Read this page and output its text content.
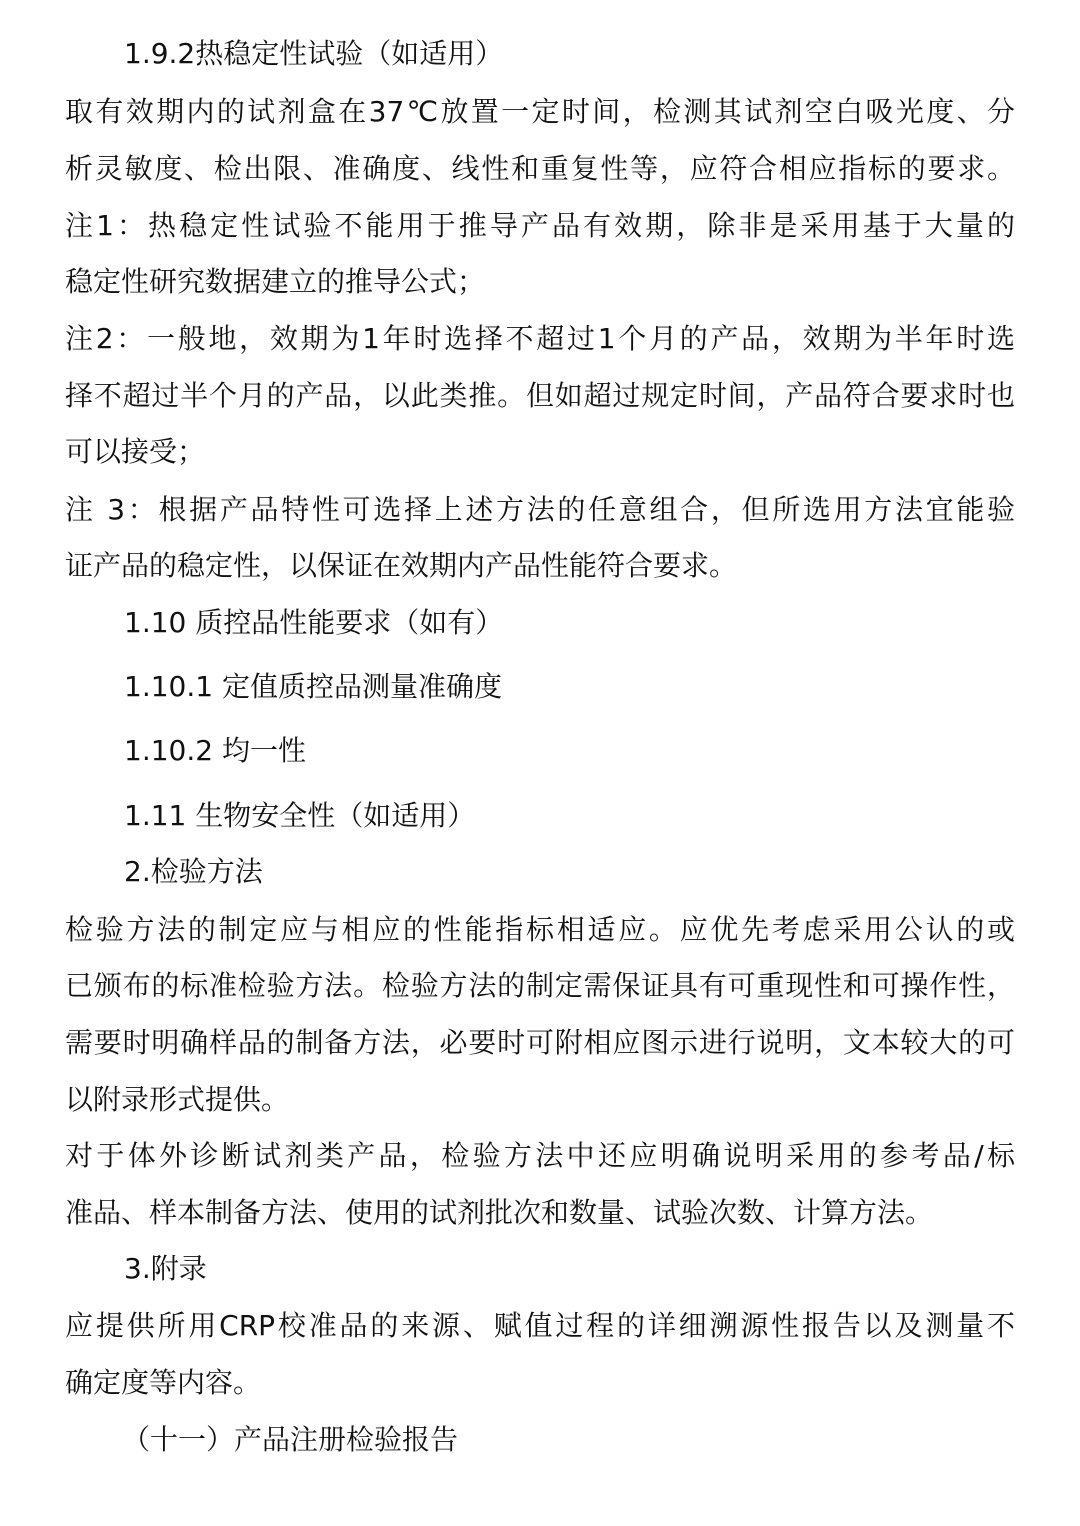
1.9.2热稳定性试验（如适用）
取有效期内的试剂盒在37℃放置一定时间，检测其试剂空白吸光度、分
析灵敏度、检出限、准确度、线性和重复性等，应符合相应指标的要求。
注1：热稳定性试验不能用于推导产品有效期，除非是采用基于大量的
稳定性研究数据建立的推导公式；
注2：一般地，效期为1年时选择不超过1个月的产品，效期为半年时选
择不超过半个月的产品，以此类推。但如超过规定时间，产品符合要求时也
可以接受；
注 3：根据产品特性可选择上述方法的任意组合，但所选用方法宜能验
证产品的稳定性，以保证在效期内产品性能符合要求。
1.10 质控品性能要求（如有）
1.10.1 定值质控品测量准确度
1.10.2 均一性
1.11 生物安全性（如适用）
2.检验方法
检验方法的制定应与相应的性能指标相适应。应优先考虑采用公认的或
已颁布的标准检验方法。检验方法的制定需保证具有可重现性和可操作性，
需要时明确样品的制备方法，必要时可附相应图示进行说明，文本较大的可
以附录形式提供。
对于体外诊断试剂类产品，检验方法中还应明确说明采用的参考品/标
准品、样本制备方法、使用的试剂批次和数量、试验次数、计算方法。
3.附录
应提供所用CRP校准品的来源、赋值过程的详细溯源性报告以及测量不
确定度等内容。
（十一）产品注册检验报告
